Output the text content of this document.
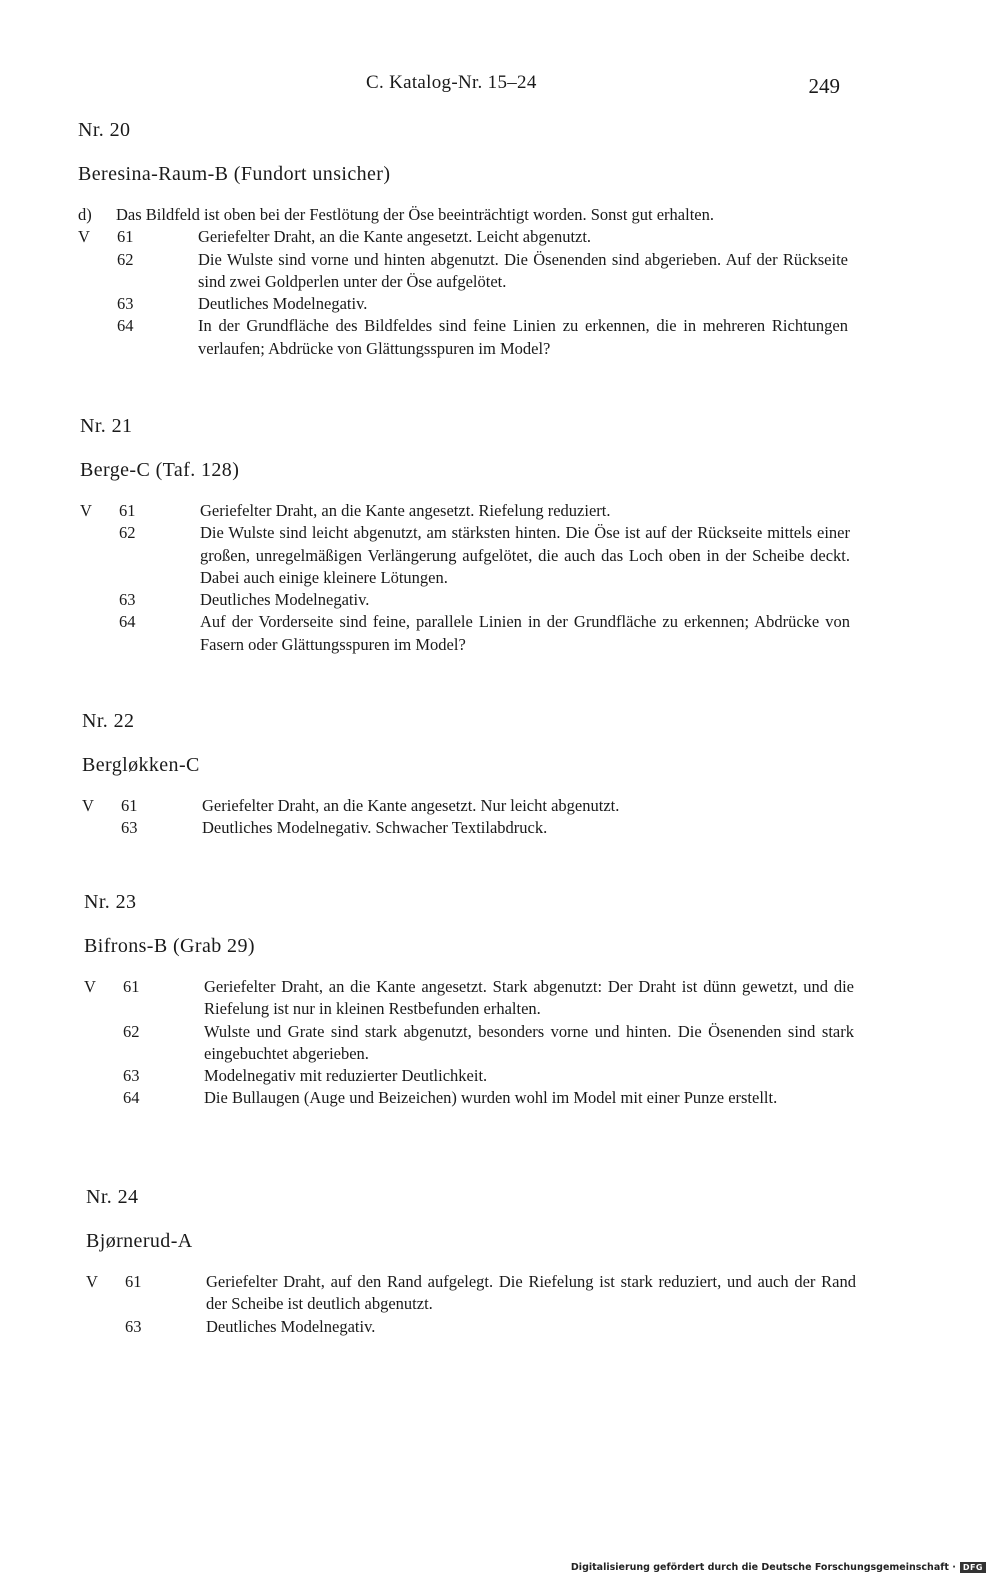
C. Katalog-Nr. 15–24	249
Nr. 20
Beresina-Raum-B (Fundort unsicher)
d)	Das Bildfeld ist oben bei der Festlötung der Öse beeinträchtigt worden. Sonst gut erhalten.
V	61	Geriefelter Draht, an die Kante angesetzt. Leicht abgenutzt.
62	Die Wulste sind vorne und hinten abgenutzt. Die Ösenenden sind abgerieben. Auf der Rückseite sind zwei Goldperlen unter der Öse aufgelötet.
63	Deutliches Modelnegativ.
64	In der Grundfläche des Bildfeldes sind feine Linien zu erkennen, die in mehreren Richtungen verlaufen; Abdrücke von Glättungsspuren im Model?
Nr. 21
Berge-C (Taf. 128)
V	61	Geriefelter Draht, an die Kante angesetzt. Riefelung reduziert.
62	Die Wulste sind leicht abgenutzt, am stärksten hinten. Die Öse ist auf der Rückseite mittels einer großen, unregelmäßigen Verlängerung aufgelötet, die auch das Loch oben in der Scheibe deckt. Dabei auch einige kleinere Lötungen.
63	Deutliches Modelnegativ.
64	Auf der Vorderseite sind feine, parallele Linien in der Grundfläche zu erkennen; Abdrücke von Fasern oder Glättungsspuren im Model?
Nr. 22
Bergløkken-C
V	61	Geriefelter Draht, an die Kante angesetzt. Nur leicht abgenutzt.
63	Deutliches Modelnegativ. Schwacher Textilabdruck.
Nr. 23
Bifrons-B (Grab 29)
V	61	Geriefelter Draht, an die Kante angesetzt. Stark abgenutzt: Der Draht ist dünn gewetzt, und die Riefelung ist nur in kleinen Restbefunden erhalten.
62	Wulste und Grate sind stark abgenutzt, besonders vorne und hinten. Die Ösenenden sind stark eingebuchtet abgerieben.
63	Modelnegativ mit reduzierter Deutlichkeit.
64	Die Bullaugen (Auge und Beizeichen) wurden wohl im Model mit einer Punze erstellt.
Nr. 24
Bjørnerud-A
V	61	Geriefelter Draht, auf den Rand aufgelegt. Die Riefelung ist stark reduziert, und auch der Rand der Scheibe ist deutlich abgenutzt.
63	Deutliches Modelnegativ.
Digitalisierung gefördert durch die Deutsche Forschungsgemeinschaft · DFG
